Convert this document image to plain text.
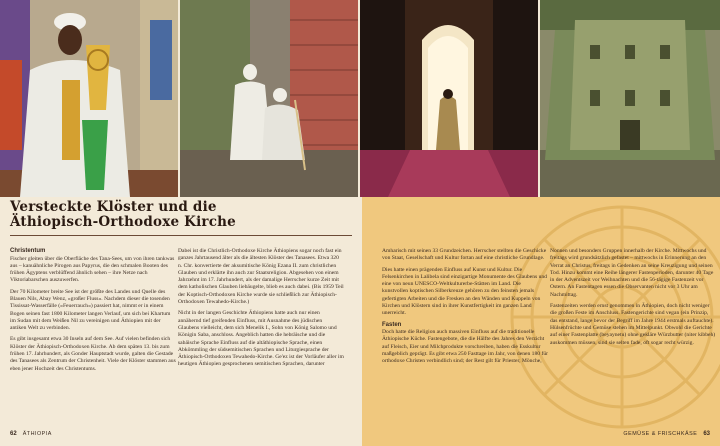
Versteckte Klöster und die
Äthiopisch-Orthodoxe Kirche
Christentum

Fischer gleiten über die Oberfläche des Tana-Sees, um von ihren tankwas aus – kanuähnliche Pirogen aus Papyrus, die den schmalen Booten des frühen Ägyptens verblüffend ähnlich sehen – ihre Netze nach Viktoriabarschen auszuwerfen.

Der 70 Kilometer breite See ist der größte des Landes und Quelle des Blauen Nils, Abay Wenz, »großer Fluss«. Nachdem dieser die tosenden Tississat-Wasserfälle (»Feuerrauch«) passiert hat, nimmt er in einem Bogen seinen fast 1800 Kilometer langen Verlauf, um sich bei Khartum im Sudan mit dem Weißen Nil zu vereinigen und Äthiopien mit der antiken Welt zu verbinden.

Es gibt insgesamt etwa 30 Inseln auf dem See. Auf vielen befinden sich Klöster der Äthiopisch-Orthodoxen Kirche. Ab dem späten 13. bis zum frühen 17. Jahrhundert, als Gonder Hauptstadt wurde, galten die Gestade des Tanasees als Zentrum der Christenheit. Viele der Klöster stammen aus eben jener Hochzeit des Christentums.

Dabei ist die Christlich-Orthodoxe Kirche Äthiopiens sogar noch fast ein ganzes Jahrtausend älter als die ältesten Klöster des Tanasees. Etwa 320 n. Chr. konvertierte der aksumitische König Ezana II. zum christlichen Glauben und erklärte ihn auch zur Staatsreligion. Abgesehen von einem Jahrzehnt im 17. Jahrhundert, als der damalige Herrscher kurze Zeit mit dem katholischen Glauben liebäugelte, blieb es auch dabei. (Bis 1959 Teil der Koptisch-Orthodoxen Kirche wurde sie schließlich zur Äthiopisch-Orthodoxen Tewahedo-Kirche.)

Nicht in der langen Geschichte Äthiopiens hatte auch nur einen annähernd tief greifenden Einfluss, mit Ausnahme des jüdischen Glaubens vielleicht, dem sich Menelik I., Sohn von König Salomo und Königin Saba, anschloss. Angeblich hatten die hebräische und die sabäische Sprache Einfluss auf die altäthiopische Sprache, einen Abkömmling der südsemitischen Sprachen und Liturgiesprache der Äthiopisch-Orthodoxen Tewahedo-Kirche. Ge'ez ist der Vorläufer aller im heutigen Äthiopien gesprochenen semitischen Sprachen, darunter

Amharisch mit seinen 33 Grundzeichen. Herrscher stellten die Geschicke von Staat, Gesellschaft und Kultur fortan auf eine christliche Grundlage.

Dies hatte einen prägenden Einfluss auf Kunst und Kultur. Die Felsenkirchen in Lalibela sind einzigartige Monumente des Glaubens und eine von neun UNESCO-Weltkulturerbe-Stätten im Land. Die kunstvollen koptischen Silberkreuze gehören zu den feinsten jemals gefertigten Arbeiten und die Fresken an den Wänden und Kuppeln von Kirchen und Klöstern sind in ihrer Kunstfertigkeit im ganzen Land unerreicht.

Fasten

Doch hatte die Religion auch massiven Einfluss auf die traditionelle Äthiopische Küche. Fastengebote, die die Hälfte des Jahres den Verzicht auf Fleisch, Eier und Milchprodukte vorschreiben, haben die Esskultur maßgeblich geprägt. Es gibt etwa 250 Fasttage im Jahr, von denen 180 für orthodoxe Christen verbindlich sind; der Rest gilt für Priester, Mönche,

Nonnen und besonders Gruppen innerhalb der Kirche. Mittwochs und freitags wird grundsätzlich gefastet – mittwochs in Erinnerung an den Verrat an Christus, freitags in Gedenken an seine Kreuzigung und seinen Tod. Hinzu kommt eine Reihe längerer Fastenperioden, darunter 40 Tage in der Adventszeit vor Weihnachten und die 56-tägige Fastenzeit vor Ostern. An Fastentagen essen die Observanten nicht vor 3 Uhr am Nachmittag.

Fastenzeiten werden ernst genommen in Äthiopien, doch nicht weniger die großen Feste im Anschluss. Fastengerichte sind vegan (ein Prinzip, das entstand, lange bevor der Begriff im Jahre 1944 erstmals auftauchte). Hülsenfrüchte und Gemüse stehen im Mittelpunkt. Obwohl die Gerichte auf einer Fastenplatte (beyaynetu) ohne gekläre Würzbutter (niter kibbeh) auskommen müssen, sind sie selten fade, oft sogar recht würzig.

62 ÄTHIOPIA	GEMÜSE & FRISCHKÄSE 63
